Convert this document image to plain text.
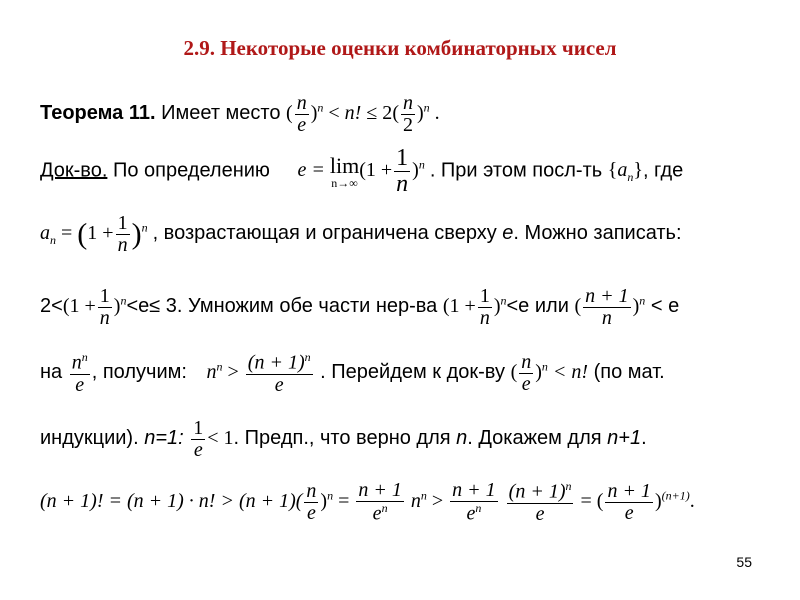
2.9. Некоторые оценки комбинаторных чисел
Теорема 11. Имеет место ( $\frac{n}{e} )^n < n$! ≤ $2( \frac{n}{2} )^n$ .
Док-во. По определению e = lim
n→∞
$(1 + \frac{1}{n} )^n$ . При этом посл-ть $\{a_n\}$, где
$a_n = (1 + \frac{1}{n} )^n$ , возрастающая и ограничена сверху e. Можно записать:
$2<(1 + \frac{1}{n} )^n<e\le 3$. Умножим обе части нер-ва $(1 + \frac{1}{n} )^n<e$ или ( $\frac{n + 1}{n} )^n < e$
на $\frac{n^n}{e}$ , получим: $n^n > \frac{(n + 1)^n}{e}$ . Перейдем к док-ву ( $\frac{n}{e} )^n < n$! (по мат.
индукции). n=1: $\frac{1}{e} < 1$. Предп., что верно для n. Докажем для n+1.
(n + 1)! = (n + 1) · n! > $(n + 1)( \frac{n}{e} )^n = \frac{n + 1}{e^n} n^n > \frac{n + 1}{e^n}$
$\frac{(n + 1)^n}{e}$ = ( $\frac{n + 1}{e} )^{(n+1)}$.
55
